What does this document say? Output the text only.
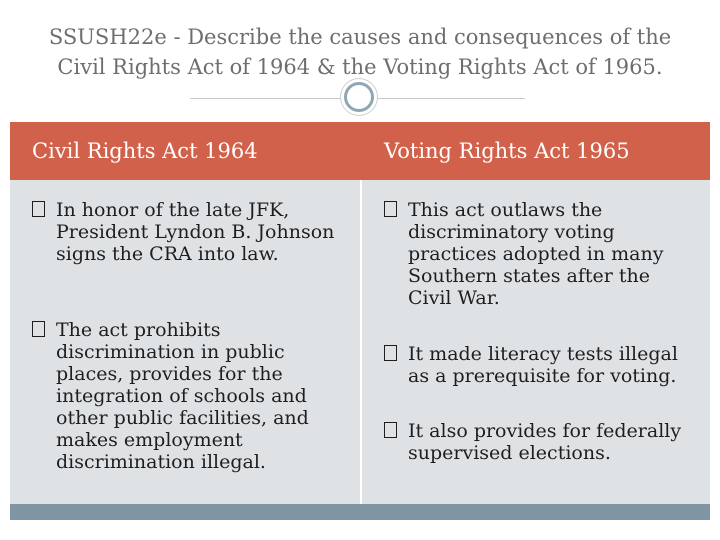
SSUSH22e - Describe the causes and consequences of the
Civil Rights Act of 1964 & the Voting Rights Act of 1965.
Civil Rights Act 1964	Voting Rights Act 1965
In honor of the late JFK, President Lyndon B. Johnson signs the CRA into law.
The act prohibits discrimination in public places, provides for the integration of schools and other public facilities, and makes employment discrimination illegal.
This act outlaws the discriminatory voting practices adopted in many Southern states after the Civil War.
It made literacy tests illegal as a prerequisite for voting.
It also provides for federally supervised elections.
